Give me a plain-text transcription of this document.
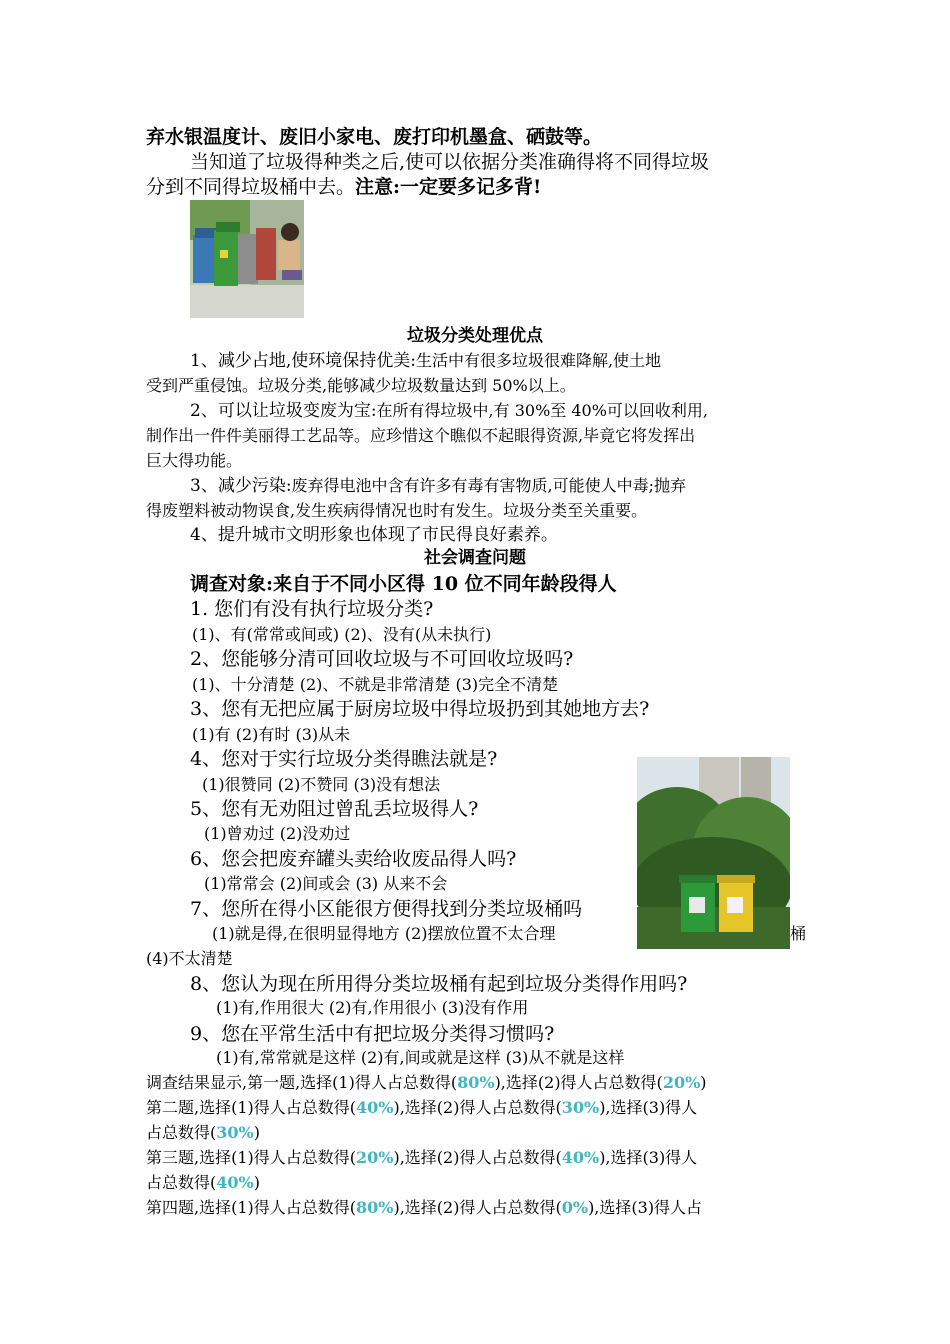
弃水银温度计、废旧小家电、废打印机墨盒、硒鼓等。
当知道了垃圾得种类之后,使可以依据分类准确得将不同得垃圾
分到不同得垃圾桶中去。注意:一定要多记多背!
垃圾分类处理优点
1、减少占地,使环境保持优美:生活中有很多垃圾很难降解,使土地
受到严重侵蚀。垃圾分类,能够减少垃圾数量达到 50%以上。
2、可以让垃圾变废为宝:在所有得垃圾中,有 30%至 40%可以回收利用,
制作出一件件美丽得工艺品等。应珍惜这个瞧似不起眼得资源,毕竟它将发挥出
巨大得功能。
3、减少污染:废弃得电池中含有许多有毒有害物质,可能使人中毒;抛弃
得废塑料被动物误食,发生疾病得情况也时有发生。垃圾分类至关重要。
4、提升城市文明形象也体现了市民得良好素养。
社会调查问题
调查对象:来自于不同小区得 10 位不同年龄段得人
1. 您们有没有执行垃圾分类?
(1)、有(常常或间或) (2)、没有(从未执行)
2、您能够分清可回收垃圾与不可回收垃圾吗?
(1)、十分清楚 (2)、不就是非常清楚 (3)完全不清楚
3、您有无把应属于厨房垃圾中得垃圾扔到其她地方去?
(1)有 (2)有时 (3)从未
4、您对于实行垃圾分类得瞧法就是?
(1)很赞同 (2)不赞同 (3)没有想法
5、您有无劝阻过曾乱丢垃圾得人?
(1)曾劝过 (2)没劝过
6、您会把废弃罐头卖给收废品得人吗?
(1)常常会 (2)间或会 (3) 从来不会
7、您所在得小区能很方便得找到分类垃圾桶吗
(1)就是得,在很明显得地方 (2)摆放位置不太合理	桶
(4)不太清楚
8、您认为现在所用得分类垃圾桶有起到垃圾分类得作用吗?
(1)有,作用很大 (2)有,作用很小 (3)没有作用
9、您在平常生活中有把垃圾分类得习惯吗?
(1)有,常常就是这样 (2)有,间或就是这样 (3)从不就是这样
调查结果显示,第一题,选择(1)得人占总数得(80%),选择(2)得人占总数得(20%)
第二题,选择(1)得人占总数得(40%),选择(2)得人占总数得(30%),选择(3)得人
占总数得(30%)
第三题,选择(1)得人占总数得(20%),选择(2)得人占总数得(40%),选择(3)得人
占总数得(40%)
第四题,选择(1)得人占总数得(80%),选择(2)得人占总数得(0%),选择(3)得人占
